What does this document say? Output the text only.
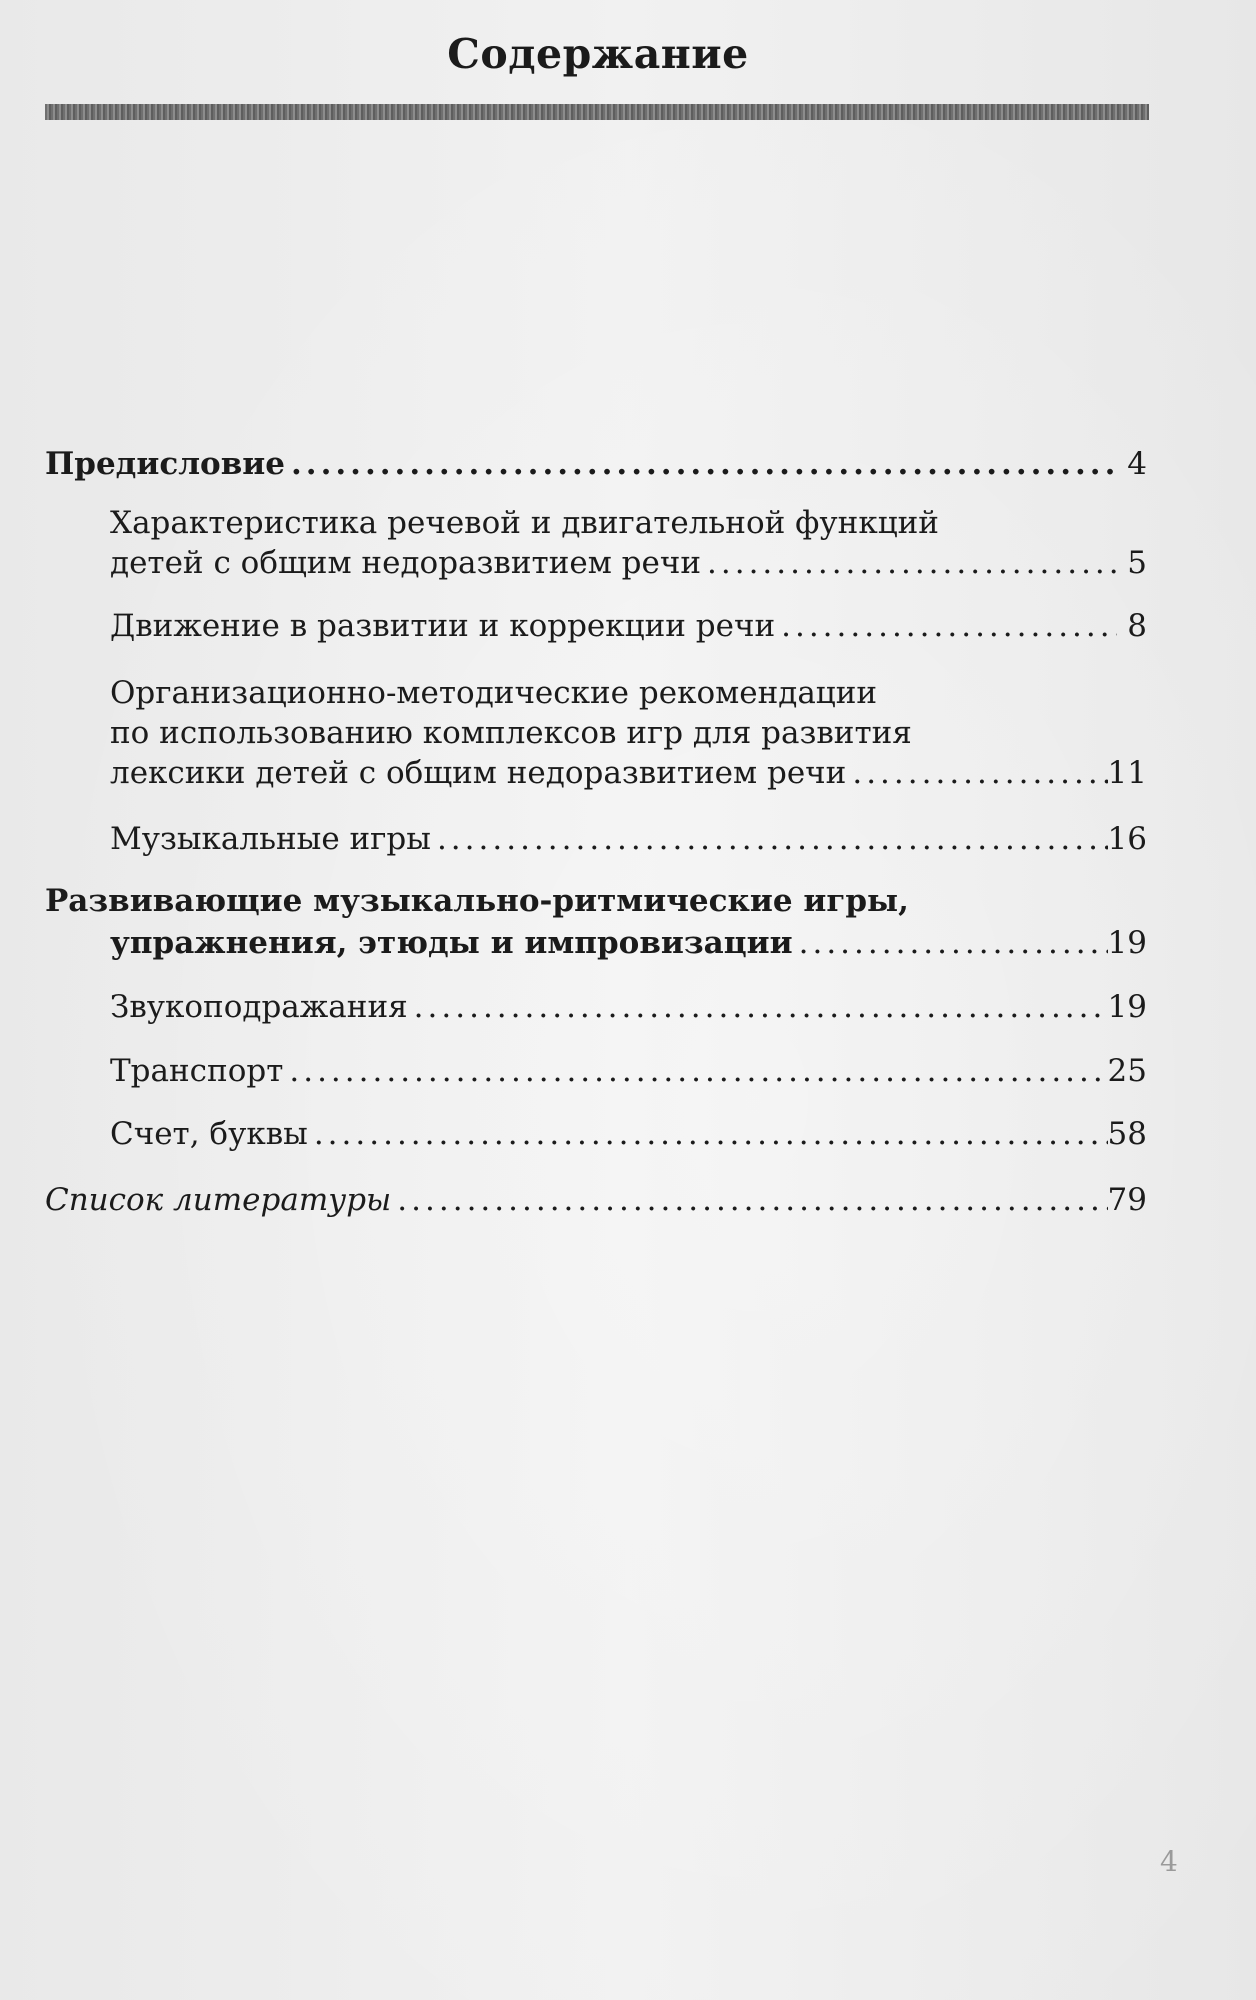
Содержание
Предисловие .....	4
Характеристика речевой и двигательной функций
детей с общим недоразвитием речи .....	5
Движение в развитии и коррекции речи .....	8
Организационно-методические рекомендации
по использованию комплексов игр для развития
лексики детей с общим недоразвитием речи .....	11
Музыкальные игры .....	16
Развивающие музыкально-ритмические игры,
упражнения, этюды и импровизации .....	19
Звукоподражания .....	19
Транспорт .....	25
Счет, буквы .....	58
Список литературы .....	79
4
